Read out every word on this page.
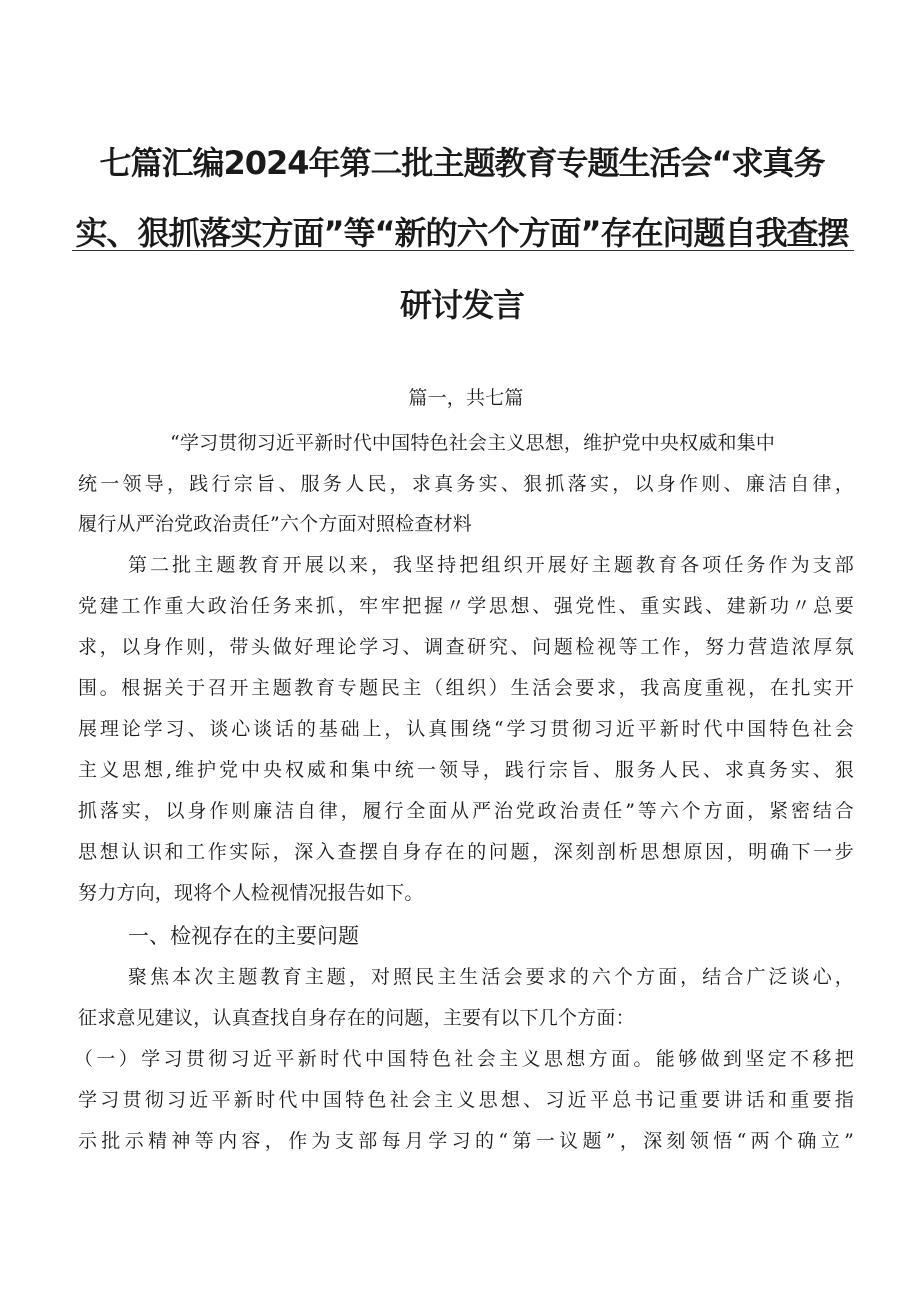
七篇汇编2024年第二批主题教育专题生活会“求真务
实、狠抓落实方面”等“新的六个方面”存在问题自我查摆
研讨发言
篇一，共七篇
“学习贯彻习近平新时代中国特色社会主义思想，维护党中央权威和集中
统一领导，践行宗旨、服务人民，求真务实、狠抓落实，以身作则、廉洁自律，
履行从严治党政治责任”六个方面对照检查材料
第二批主题教育开展以来，我坚持把组织开展好主题教育各项任务作为支部
党建工作重大政治任务来抓，牢牢把握〃学思想、强党性、重实践、建新功〃总要
求，以身作则，带头做好理论学习、调查研究、问题检视等工作，努力营造浓厚氛
围。根据关于召开主题教育专题民主（组织）生活会要求，我高度重视，在扎实开
展理论学习、谈心谈话的基础上，认真围绕“学习贯彻习近平新时代中国特色社会
主义思想,维护党中央权威和集中统一领导，践行宗旨、服务人民、求真务实、狠
抓落实，以身作则廉洁自律，履行全面从严治党政治责任”等六个方面，紧密结合
思想认识和工作实际，深入查摆自身存在的问题，深刻剖析思想原因，明确下一步
努力方向，现将个人检视情况报告如下。
一、检视存在的主要问题
聚焦本次主题教育主题，对照民主生活会要求的六个方面，结合广泛谈心，
征求意见建议，认真查找自身存在的问题，主要有以下几个方面：
（一）学习贯彻习近平新时代中国特色社会主义思想方面。能够做到坚定不移把
学习贯彻习近平新时代中国特色社会主义思想、习近平总书记重要讲话和重要指
示批示精神等内容，作为支部每月学习的“第一议题”，深刻领悟“两个确立”
